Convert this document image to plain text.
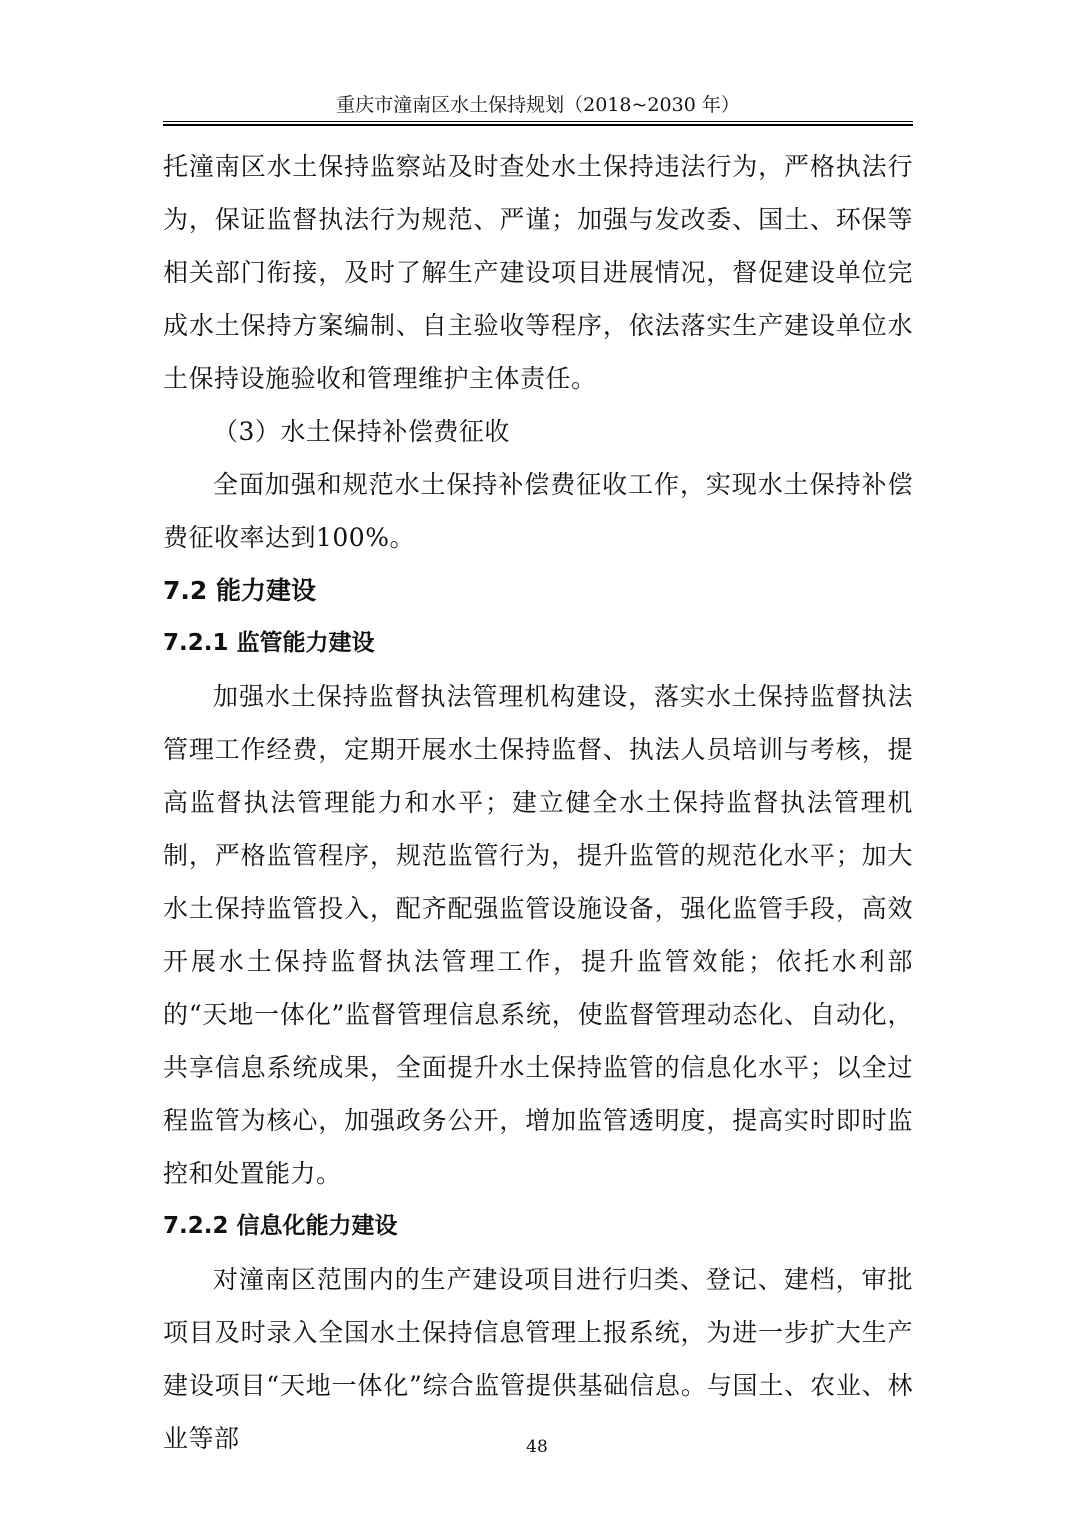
重庆市潼南区水土保持规划（2018~2030 年）

托潼南区水土保持监察站及时查处水土保持违法行为，严格执法行为，保证监督执法行为规范、严谨；加强与发改委、国土、环保等相关部门衔接，及时了解生产建设项目进展情况，督促建设单位完成水土保持方案编制、自主验收等程序，依法落实生产建设单位水土保持设施验收和管理维护主体责任。

（3）水土保持补偿费征收

全面加强和规范水土保持补偿费征收工作，实现水土保持补偿费征收率达到100%。

7.2 能力建设
7.2.1 监管能力建设

加强水土保持监督执法管理机构建设，落实水土保持监督执法管理工作经费，定期开展水土保持监督、执法人员培训与考核，提高监督执法管理能力和水平；建立健全水土保持监督执法管理机制，严格监管程序，规范监管行为，提升监管的规范化水平；加大水土保持监管投入，配齐配强监管设施设备，强化监管手段，高效开展水土保持监督执法管理工作，提升监管效能；依托水利部的“天地一体化”监督管理信息系统，使监督管理动态化、自动化，共享信息系统成果，全面提升水土保持监管的信息化水平；以全过程监管为核心，加强政务公开，增加监管透明度，提高实时即时监控和处置能力。

7.2.2 信息化能力建设

对潼南区范围内的生产建设项目进行归类、登记、建档，审批项目及时录入全国水土保持信息管理上报系统，为进一步扩大生产建设项目“天地一体化”综合监管提供基础信息。与国土、农业、林业等部	48
